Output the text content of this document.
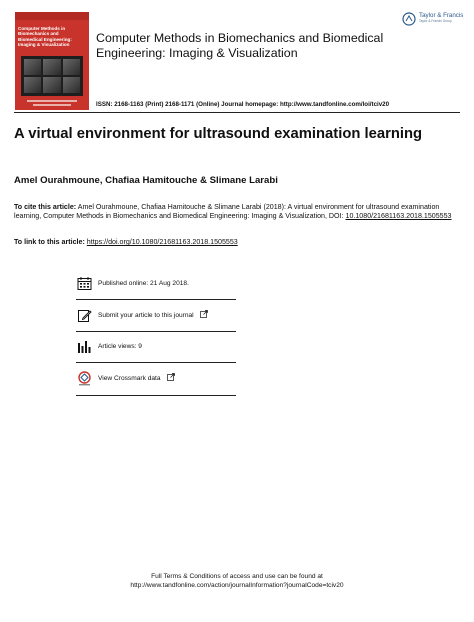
Computer Methods in Biomechanics and Biomedical Engineering: Imaging & Visualization	Computer Methods in Biomechanics and Biomedical Engineering: Imaging & Visualization
Taylor & Francis
Taylor & Francis Group
ISSN: 2168-1163 (Print) 2168-1171 (Online) Journal homepage: http://www.tandfonline.com/loi/tciv20
A virtual environment for ultrasound examination learning
Amel Ourahmoune, Chafiaa Hamitouche & Slimane Larabi
To cite this article: Amel Ourahmoune, Chafiaa Hamitouche & Slimane Larabi (2018): A virtual environment for ultrasound examination learning, Computer Methods in Biomechanics and Biomedical Engineering: Imaging & Visualization, DOI: 10.1080/21681163.2018.1505553
To link to this article: https://doi.org/10.1080/21681163.2018.1505553
Published online: 21 Aug 2018.
Submit your article to this journal
Article views: 9
View Crossmark data
Full Terms & Conditions of access and use can be found at
http://www.tandfonline.com/action/journalInformation?journalCode=tciv20
